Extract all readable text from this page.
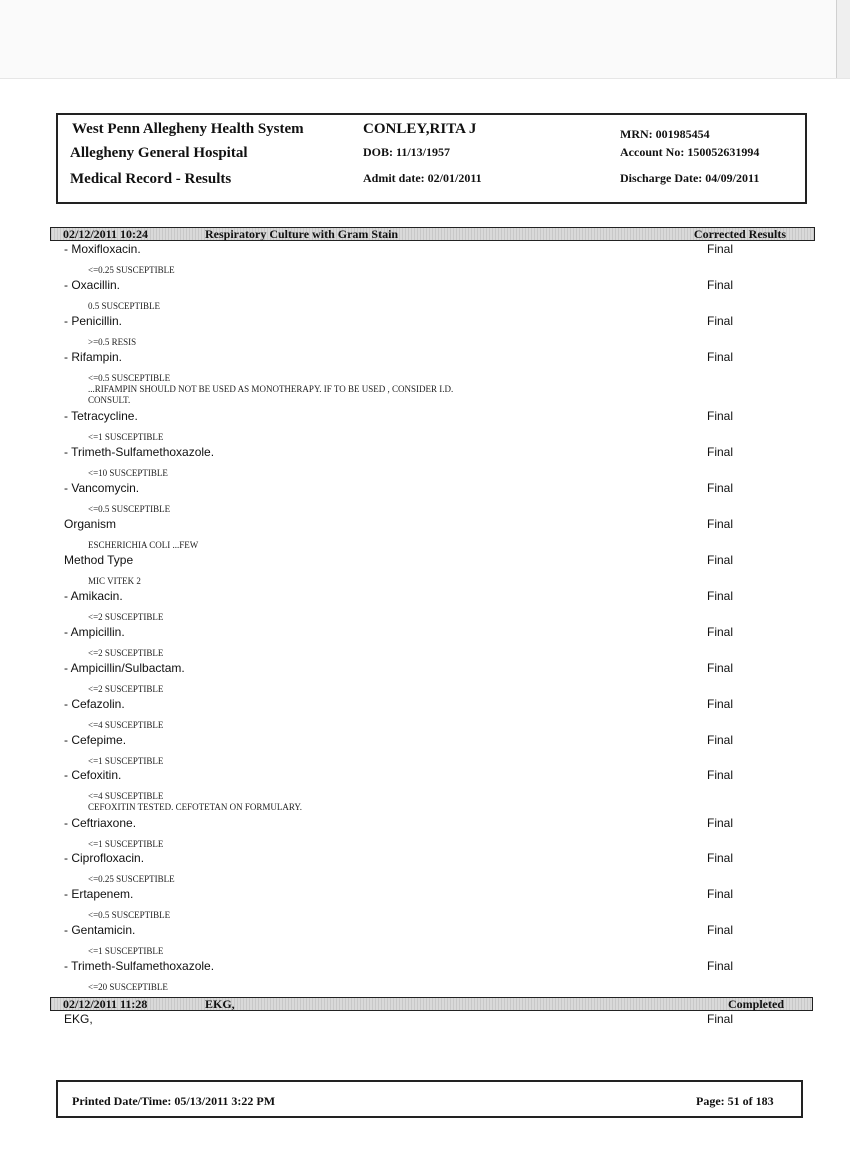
West Penn Allegheny Health System
Allegheny General Hospital
Medical Record - Results
CONLEY,RITA J
DOB: 11/13/1957
Admit date: 02/01/2011
MRN: 001985454
Account No: 150052631994
Discharge Date: 04/09/2011
02/12/2011 10:24	Respiratory Culture with Gram Stain	Corrected Results
- Moxifloxacin.	Final
<=0.25 SUSCEPTIBLE
- Oxacillin.	Final
0.5 SUSCEPTIBLE
- Penicillin.	Final
>=0.5 RESIS
- Rifampin.	Final
<=0.5 SUSCEPTIBLE
...RIFAMPIN SHOULD NOT BE USED AS MONOTHERAPY. IF TO BE USED , CONSIDER I.D.
CONSULT.
- Tetracycline.	Final
<=1 SUSCEPTIBLE
- Trimeth-Sulfamethoxazole.	Final
<=10 SUSCEPTIBLE
- Vancomycin.	Final
<=0.5 SUSCEPTIBLE
Organism	Final
ESCHERICHIA COLI ...FEW
Method Type	Final
MIC VITEK 2
- Amikacin.	Final
<=2 SUSCEPTIBLE
- Ampicillin.	Final
<=2 SUSCEPTIBLE
- Ampicillin/Sulbactam.	Final
<=2 SUSCEPTIBLE
- Cefazolin.	Final
<=4 SUSCEPTIBLE
- Cefepime.	Final
<=1 SUSCEPTIBLE
- Cefoxitin.	Final
<=4 SUSCEPTIBLE
CEFOXITIN TESTED. CEFOTETAN ON FORMULARY.
- Ceftriaxone.	Final
<=1 SUSCEPTIBLE
- Ciprofloxacin.	Final
<=0.25 SUSCEPTIBLE
- Ertapenem.	Final
<=0.5 SUSCEPTIBLE
- Gentamicin.	Final
<=1 SUSCEPTIBLE
- Trimeth-Sulfamethoxazole.	Final
<=20 SUSCEPTIBLE
02/12/2011 11:28	EKG,	Completed
EKG,	Final
Printed Date/Time: 05/13/2011 3:22 PM	Page: 51 of 183
